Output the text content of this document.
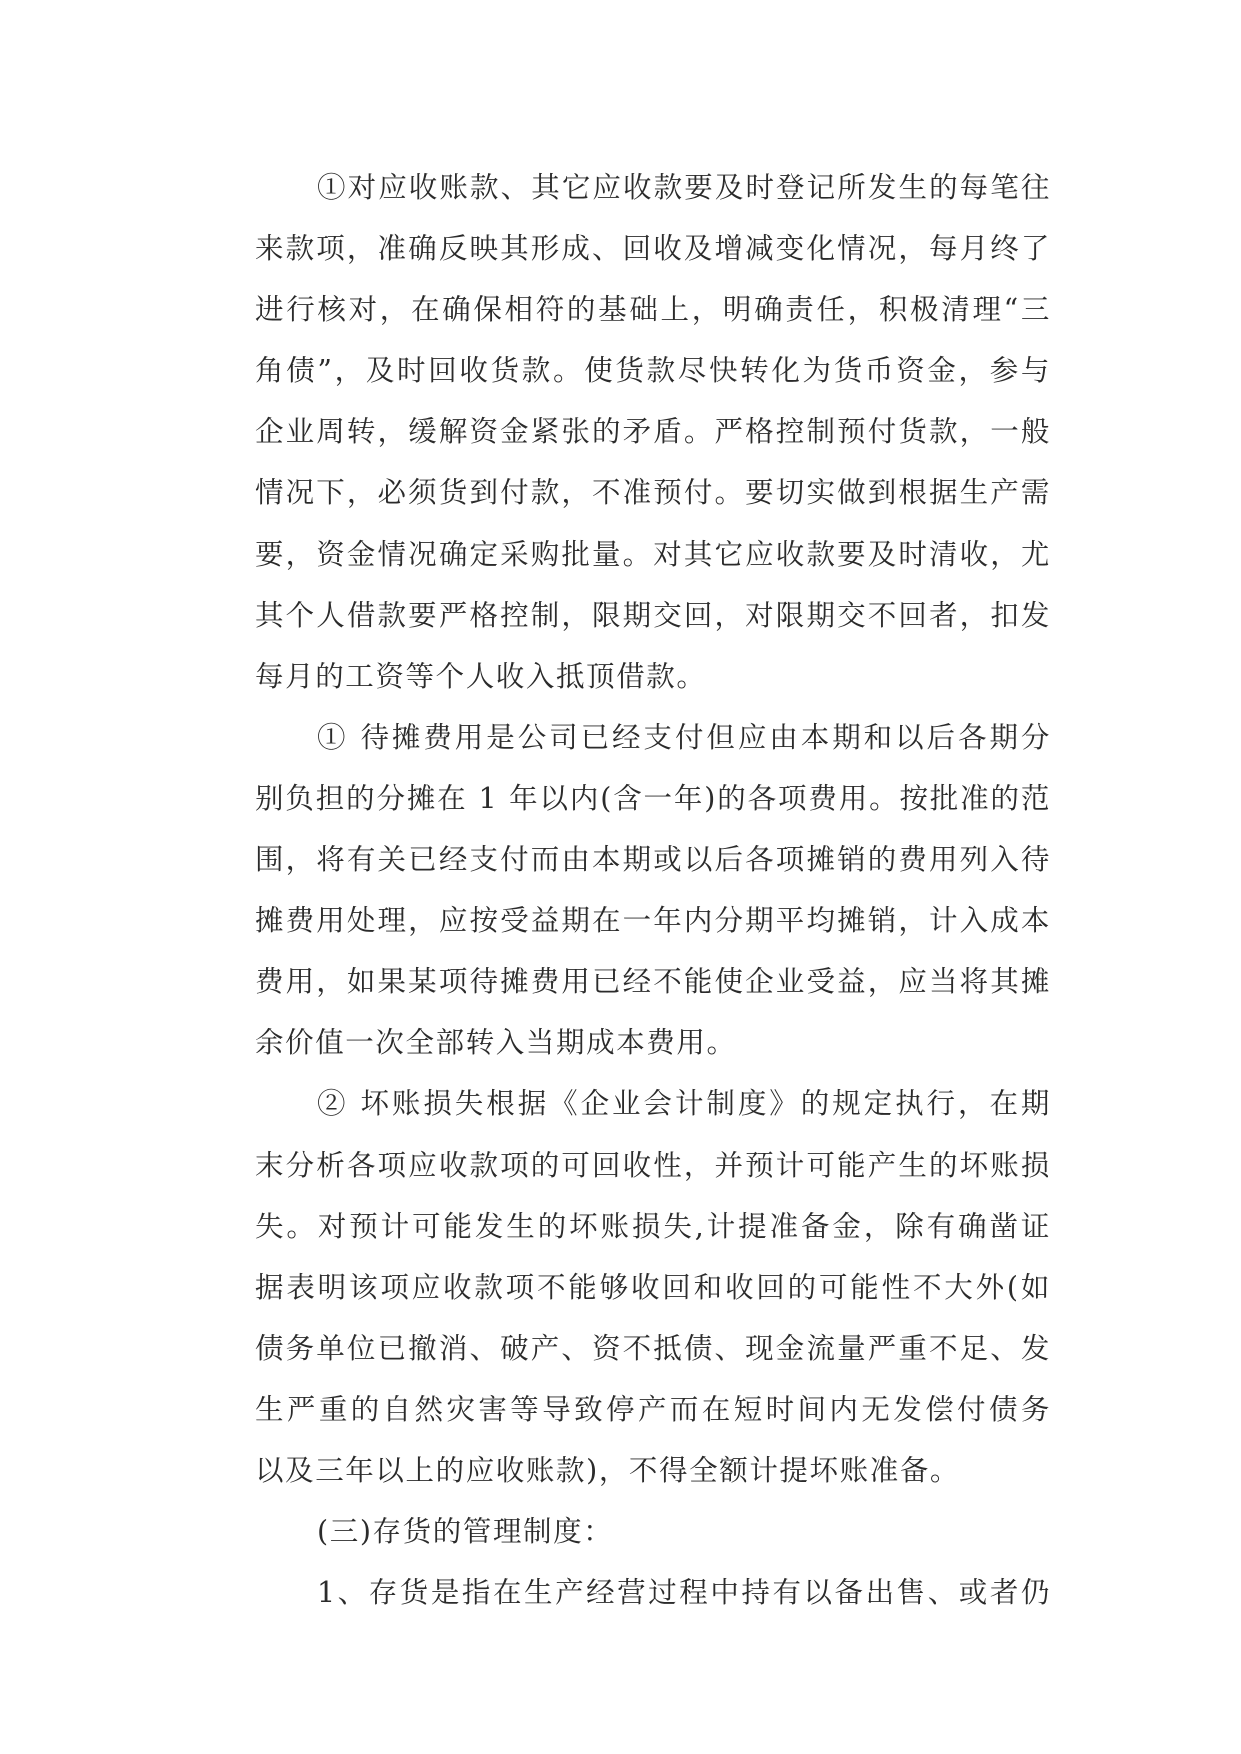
①对应收账款、其它应收款要及时登记所发生的每笔往
来款项，准确反映其形成、回收及增减变化情况，每月终了
进行核对，在确保相符的基础上，明确责任，积极清理“三
角债”，及时回收货款。使货款尽快转化为货币资金，参与
企业周转，缓解资金紧张的矛盾。严格控制预付货款，一般
情况下，必须货到付款，不准预付。要切实做到根据生产需
要，资金情况确定采购批量。对其它应收款要及时清收，尤
其个人借款要严格控制，限期交回，对限期交不回者，扣发
每月的工资等个人收入抵顶借款。
① 待摊费用是公司已经支付但应由本期和以后各期分
别负担的分摊在 1 年以内(含一年)的各项费用。按批准的范
围，将有关已经支付而由本期或以后各项摊销的费用列入待
摊费用处理，应按受益期在一年内分期平均摊销，计入成本
费用，如果某项待摊费用已经不能使企业受益，应当将其摊
余价值一次全部转入当期成本费用。
② 坏账损失根据《企业会计制度》的规定执行，在期
末分析各项应收款项的可回收性，并预计可能产生的坏账损
失。对预计可能发生的坏账损失,计提准备金，除有确凿证
据表明该项应收款项不能够收回和收回的可能性不大外(如
债务单位已撤消、破产、资不抵债、现金流量严重不足、发
生严重的自然灾害等导致停产而在短时间内无发偿付债务
以及三年以上的应收账款)，不得全额计提坏账准备。
(三)存货的管理制度：
1、存货是指在生产经营过程中持有以备出售、或者仍
